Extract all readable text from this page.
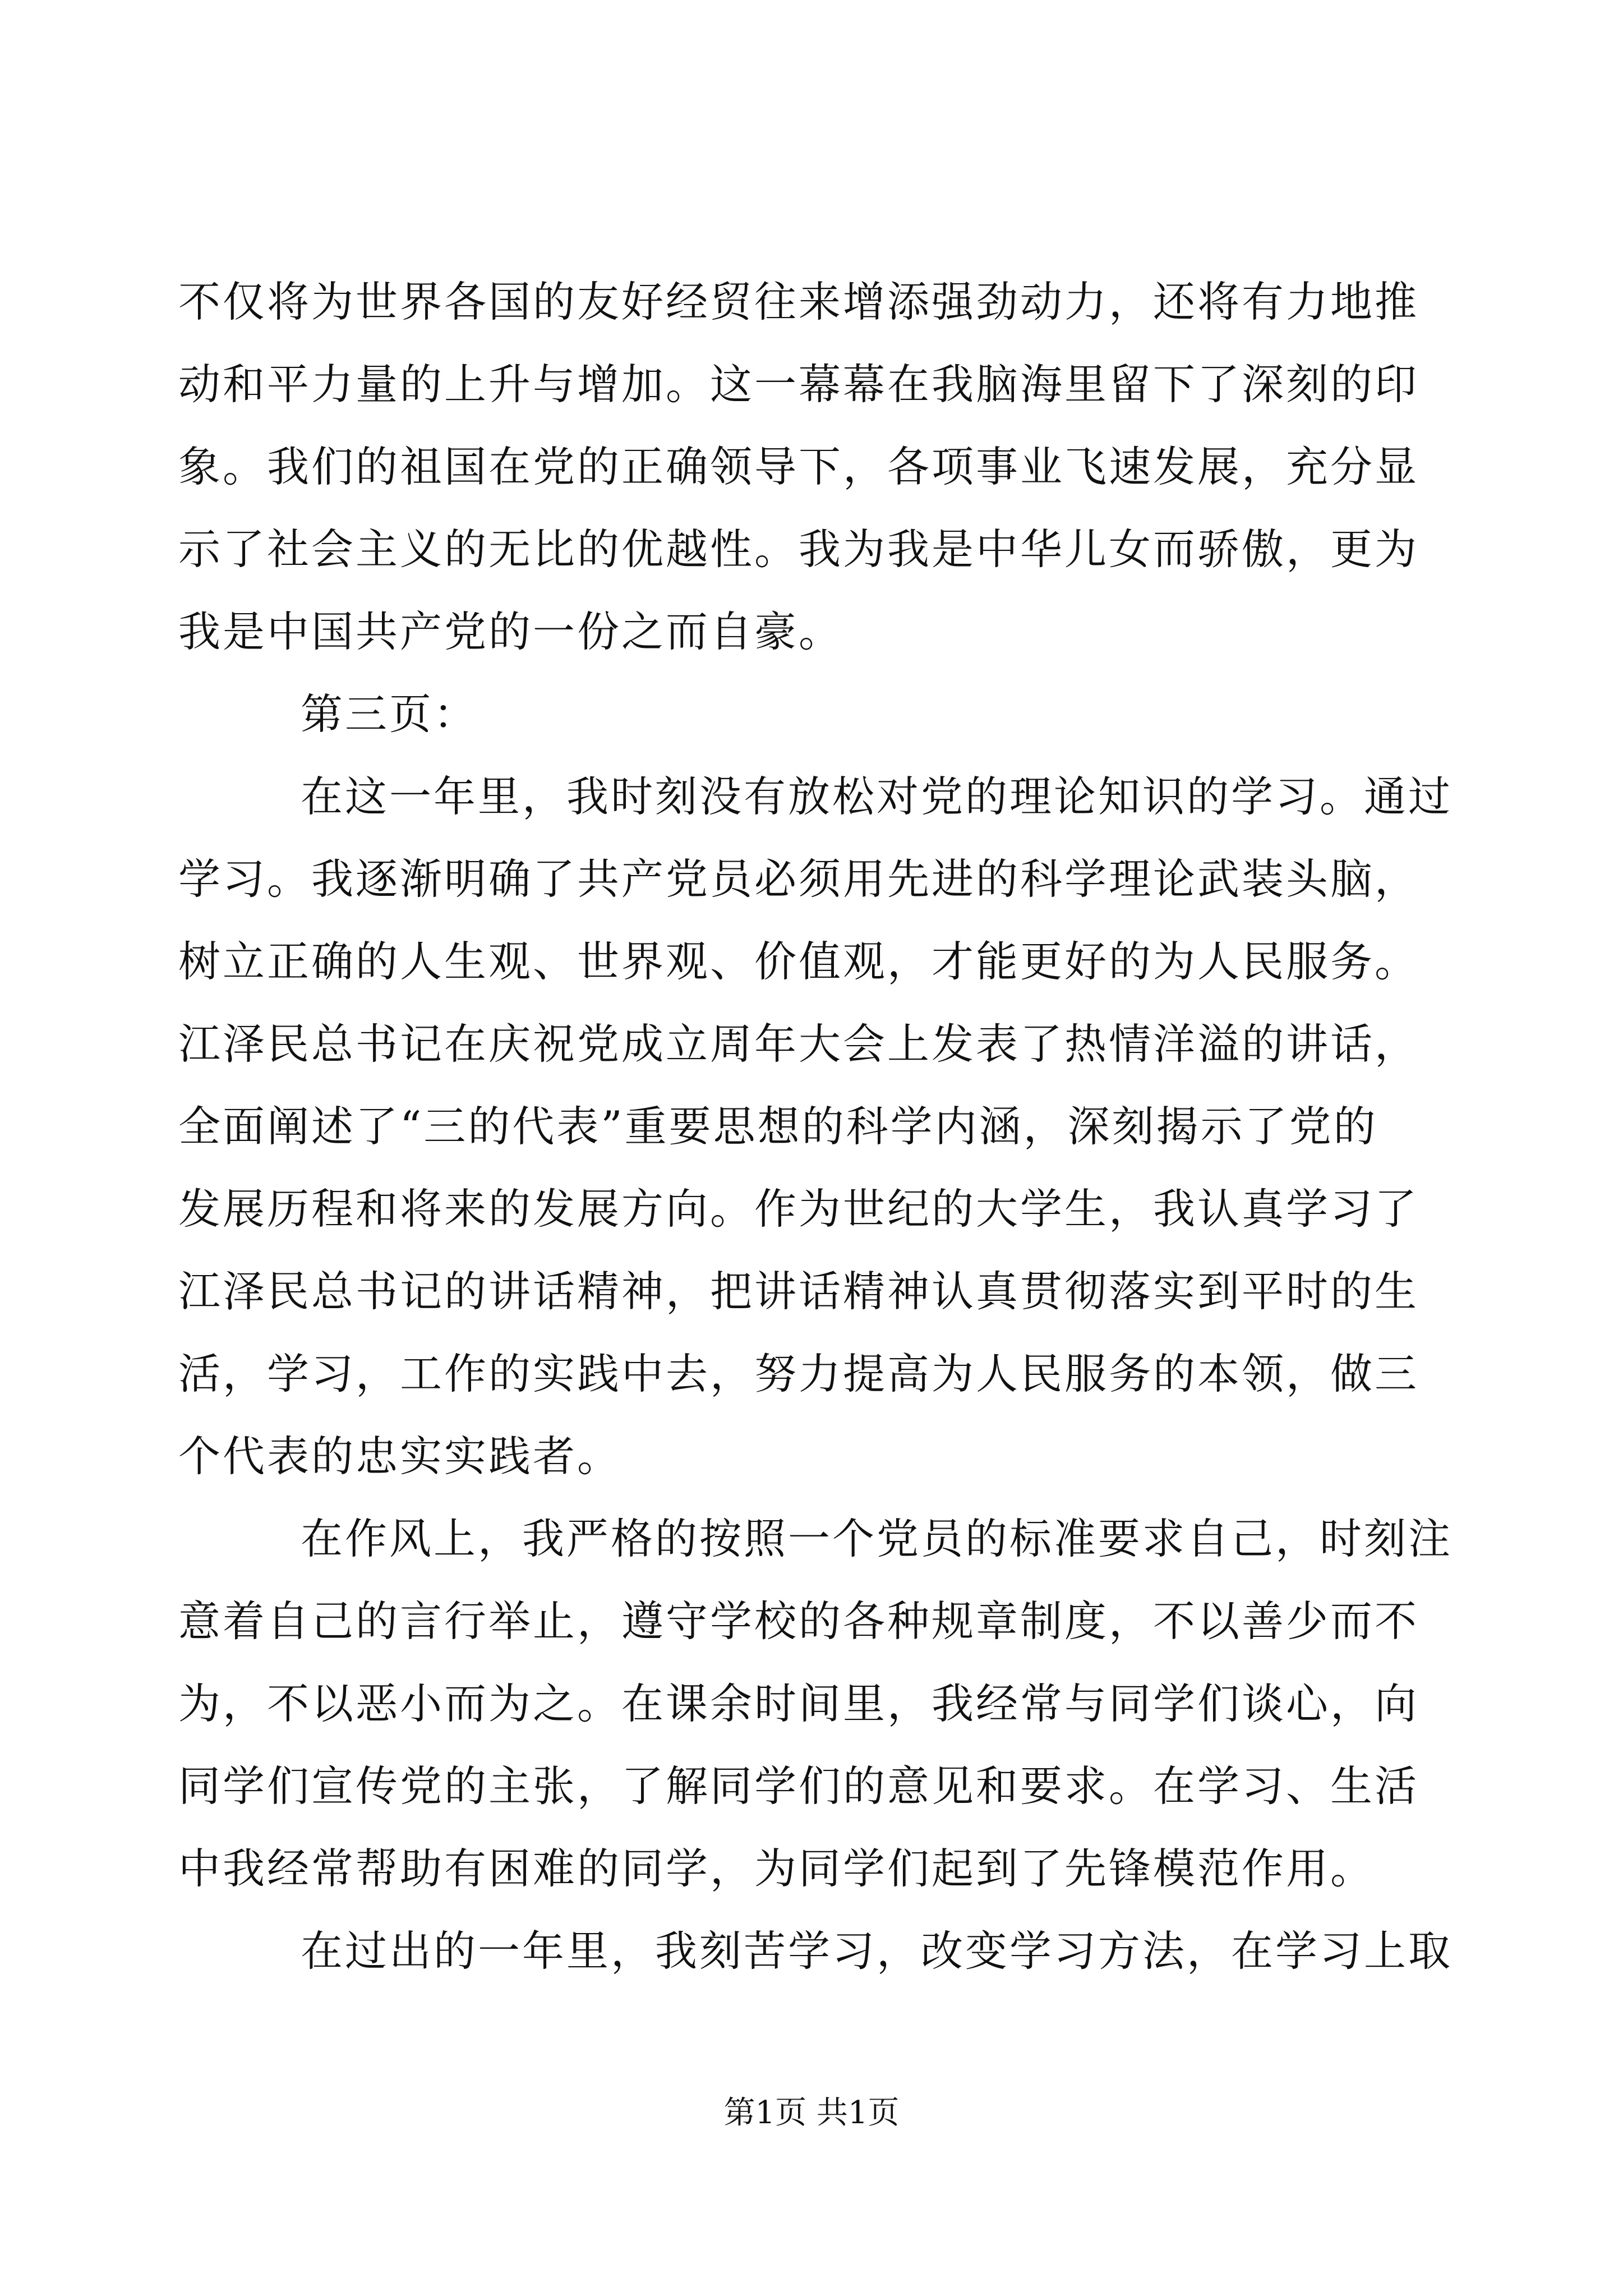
不仅将为世界各国的友好经贸往来增添强劲动力，还将有力地推

动和平力量的上升与增加。这一幕幕在我脑海里留下了深刻的印

象。我们的祖国在党的正确领导下，各项事业飞速发展，充分显

示了社会主义的无比的优越性。我为我是中华儿女而骄傲，更为

我是中国共产党的一份之而自豪。

第三页：

在这一年里，我时刻没有放松对党的理论知识的学习。通过

学习。我逐渐明确了共产党员必须用先进的科学理论武装头脑，

树立正确的人生观、世界观、价值观，才能更好的为人民服务。

江泽民总书记在庆祝党成立周年大会上发表了热情洋溢的讲话，

全面阐述了“三的代表”重要思想的科学内涵，深刻揭示了党的

发展历程和将来的发展方向。作为世纪的大学生，我认真学习了

江泽民总书记的讲话精神，把讲话精神认真贯彻落实到平时的生

活，学习，工作的实践中去，努力提高为人民服务的本领，做三

个代表的忠实实践者。

在作风上，我严格的按照一个党员的标准要求自己，时刻注

意着自己的言行举止，遵守学校的各种规章制度，不以善少而不

为，不以恶小而为之。在课余时间里，我经常与同学们谈心，向

同学们宣传党的主张，了解同学们的意见和要求。在学习、生活

中我经常帮助有困难的同学，为同学们起到了先锋模范作用。

在过出的一年里，我刻苦学习，改变学习方法，在学习上取

第1页 共1页
